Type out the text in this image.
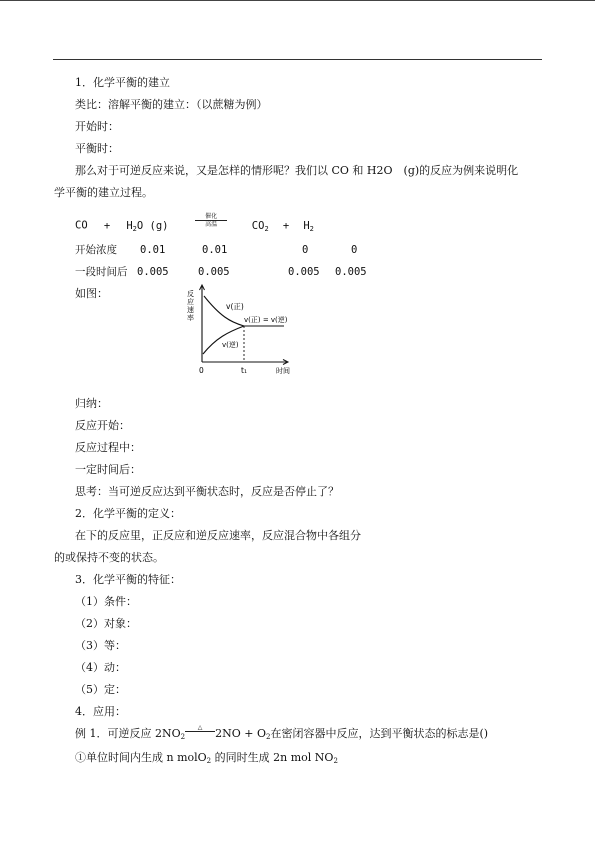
1．化学平衡的建立
类比：溶解平衡的建立：（以蔗糖为例）
开始时：
平衡时：
那么对于可逆反应来说，又是怎样的情形呢？我们以 CO 和 H2O　(g)的反应为例来说明化
学平衡的建立过程。
CO + $H_2O$ (g)
催化
高温	$CO_2 + H_2$
开始浓度 0.01	0.01	0	0
一段时间后 0.005	0.005	0.005 0.005
如图：	反
应
速
率
v(正)
v(正) = v(逆)
v(逆)
0	t₁	时间
归纳：
反应开始：
反应过程中：
一定时间后：
思考：当可逆反应达到平衡状态时，反应是否停止了？
2．化学平衡的定义：
在下的反应里，正反应和逆反应速率，反应混合物中各组分
的或保持不变的状态。
3．化学平衡的特征：
（1）条件：
（2）对象：
（3）等：
（4）动：
（5）定：
4．应用：
例 1．可逆反应 $2NO_2$
△	$2NO + O_2$在密闭容器中反应，达到平衡状态的标志是()
①单位时间内生成 n molO$_2$ 的同时生成 2n mol $NO_2$
